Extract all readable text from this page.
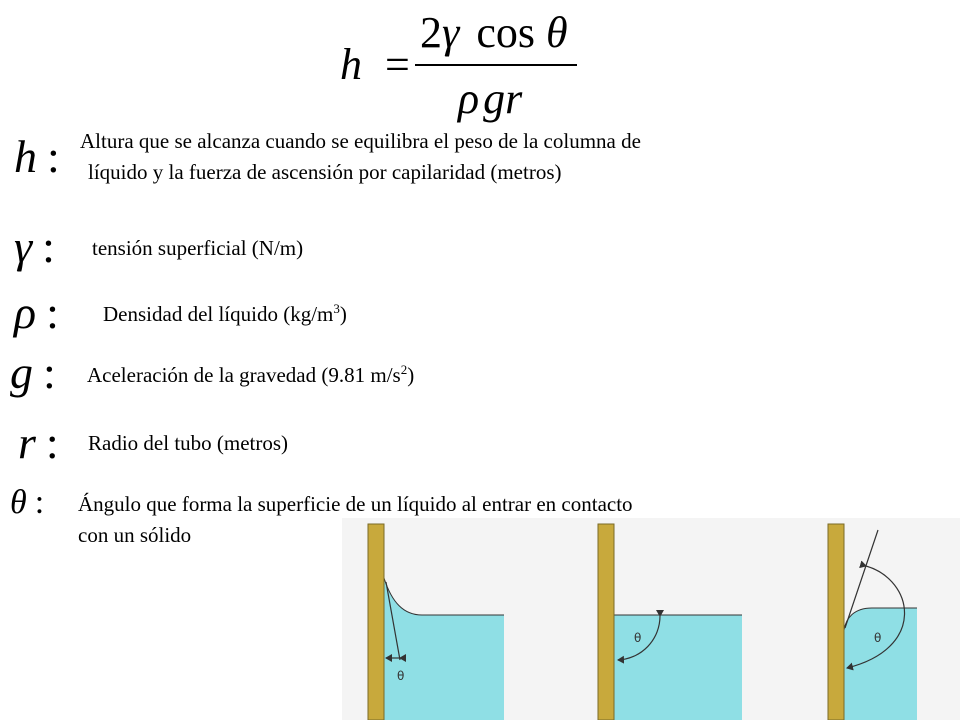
h =
2γ cos θ
ρgr
h : Altura que se alcanza cuando se equilibra el peso de la columna de
líquido y la fuerza de ascensión por capilaridad (metros)
γ : tensión superficial (N/m)
ρ : Densidad del líquido $(kg/m^3)$
g : Aceleración de la gravedad (9.81 $m/s^2$)
r : Radio del tubo (metros)
θ : Ángulo que forma la superficie de un líquido al entrar en contacto
con un sólido
θ
θ	θ
